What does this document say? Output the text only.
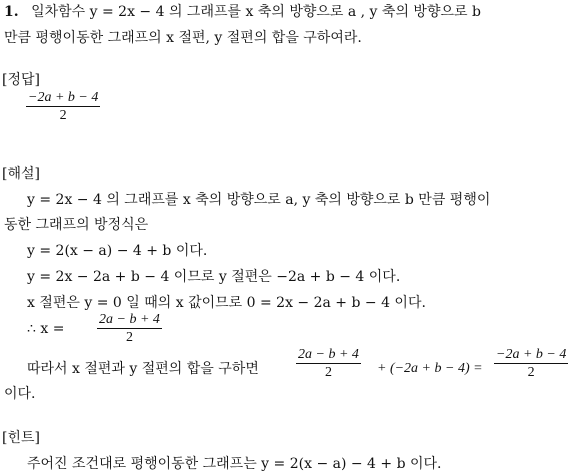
1. 일차함수 y = 2x − 4 의 그래프를 x 축의 방향으로 a , y 축의 방향으로 b
만큼 평행이동한 그래프의 x 절편, y 절편의 합을 구하여라.
[정답]
−2a + b − 4
2
[해설]
y = 2x − 4 의 그래프를 x 축의 방향으로 a, y 축의 방향으로 b 만큼 평행이
동한 그래프의 방정식은
y = 2(x − a) − 4 + b 이다.
y = 2x − 2a + b − 4 이므로 y 절편은 −2a + b − 4 이다.
x 절편은 y = 0 일 때의 x 값이므로 0 = 2x − 2a + b − 4 이다.
∴ x =
2a − b + 4
2
따라서 x 절편과 y 절편의 합을 구하면
2a − b + 4
2	+ (−2a + b − 4) =
−2a + b − 4
2
이다.
[힌트]
주어진 조건대로 평행이동한 그래프는 y = 2(x − a) − 4 + b 이다.
